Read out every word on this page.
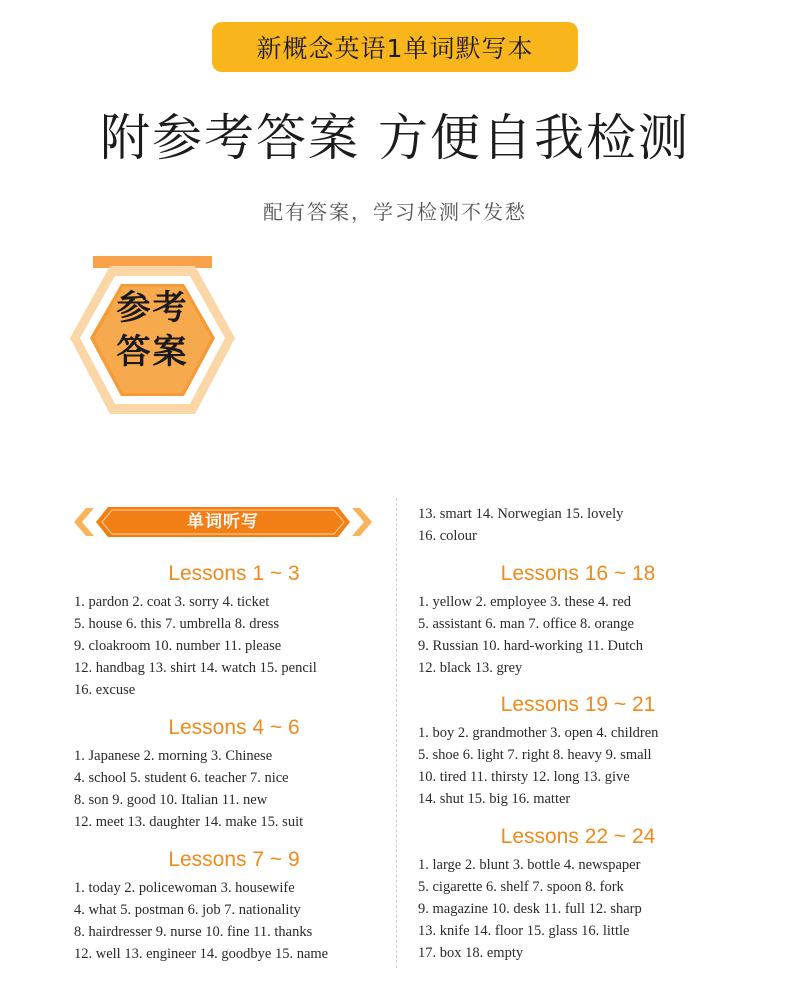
新概念英语1单词默写本
附参考答案 方便自我检测
配有答案，学习检测不发愁
参考
答案
单词听写
Lessons 1 ~ 3
1. pardon 2. coat 3. sorry 4. ticket
5. house 6. this 7. umbrella 8. dress
9. cloakroom 10. number 11. please
12. handbag 13. shirt 14. watch 15. pencil
16. excuse
Lessons 4 ~ 6
1. Japanese 2. morning 3. Chinese
4. school 5. student 6. teacher 7. nice
8. son 9. good 10. Italian 11. new
12. meet 13. daughter 14. make 15. suit
Lessons 7 ~ 9
1. today 2. policewoman 3. housewife
4. what 5. postman 6. job 7. nationality
8. hairdresser 9. nurse 10. fine 11. thanks
12. well 13. engineer 14. goodbye 15. name
13. smart 14. Norwegian 15. lovely
16. colour
Lessons 16 ~ 18
1. yellow 2. employee 3. these 4. red
5. assistant 6. man 7. office 8. orange
9. Russian 10. hard-working 11. Dutch
12. black 13. grey
Lessons 19 ~ 21
1. boy 2. grandmother 3. open 4. children
5. shoe 6. light 7. right 8. heavy 9. small
10. tired 11. thirsty 12. long 13. give
14. shut 15. big 16. matter
Lessons 22 ~ 24
1. large 2. blunt 3. bottle 4. newspaper
5. cigarette 6. shelf 7. spoon 8. fork
9. magazine 10. desk 11. full 12. sharp
13. knife 14. floor 15. glass 16. little
17. box 18. empty
